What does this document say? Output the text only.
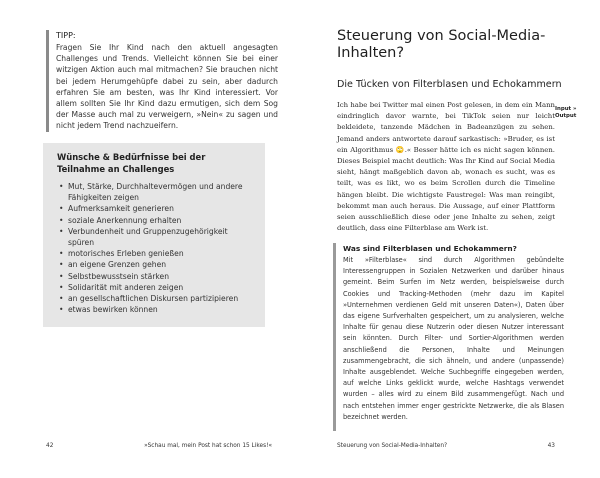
TIPP:

Fragen Sie Ihr Kind nach den aktuell angesagten Challenges und Trends. Vielleicht können Sie bei einer witzigen Aktion auch mal mitmachen? Sie brauchen nicht bei jedem Herumgehüpfe dabei zu sein, aber dadurch erfahren Sie am besten, was Ihr Kind interessiert. Vor allem sollten Sie Ihr Kind dazu ermutigen, sich dem Sog der Masse auch mal zu verweigern, »Nein« zu sagen und nicht jedem Trend nachzueifern.

Wünsche & Bedürfnisse bei der Teilnahme an Challenges
• Mut, Stärke, Durchhaltevermögen und andere Fähigkeiten zeigen
• Aufmerksamkeit generieren
• soziale Anerkennung erhalten
• Verbundenheit und Gruppenzugehörigkeit spüren
• motorisches Erleben genießen
• an eigene Grenzen gehen
• Selbstbewusstsein stärken
• Solidarität mit anderen zeigen
• an gesellschaftlichen Diskursen partizipieren
• etwas bewirken können
42	»Schau mal, mein Post hat schon 15 Likes!«
Steuerung von Social-Media-Inhalten?
Die Tücken von Filterblasen und Echokammern

Ich habe bei Twitter mal einen Post gelesen, in dem ein Mann eindringlich davor warnte, bei TikTok seien nur leicht bekleidete, tanzende Mädchen in Badeanzügen zu sehen. Jemand anders antwortete darauf sarkastisch: »Bruder, es ist ein Algorithmus 🙄.« Besser hätte ich es nicht sagen können. Dieses Beispiel macht deutlich: Was Ihr Kind auf Social Media sieht, hängt maßgeblich davon ab, wonach es sucht, was es teilt, was es likt, wo es beim Scrollen durch die Timeline hängen bleibt. Die wichtigste Faustregel: Was man reingibt, bekommt man auch heraus. Die Aussage, auf einer Plattform seien ausschließlich diese oder jene Inhalte zu sehen, zeigt deutlich, dass eine Filterblase am Werk ist.

Input » Output
Was sind Filterblasen und Echokammern?

Mit »Filterblase« sind durch Algorithmen gebündelte Interessengruppen in Sozialen Netzwerken und darüber hinaus gemeint. Beim Surfen im Netz werden, beispielsweise durch Cookies und Tracking-Methoden (mehr dazu im Kapitel »Unternehmen verdienen Geld mit unseren Daten«), Daten über das eigene Surfverhalten gespeichert, um zu analysieren, welche Inhalte für genau diese Nutzerin oder diesen Nutzer interessant sein könnten. Durch Filter- und Sortier-Algorithmen werden anschließend die Personen, Inhalte und Meinungen zusammengebracht, die sich ähneln, und andere (unpassende) Inhalte ausgeblendet. Welche Suchbegriffe eingegeben werden, auf welche Links geklickt wurde, welche Hashtags verwendet wurden – alles wird zu einem Bild zusammengefügt. Nach und nach entstehen immer enger gestrickte Netzwerke, die als Blasen bezeichnet werden.

Steuerung von Social-Media-Inhalten?	43
